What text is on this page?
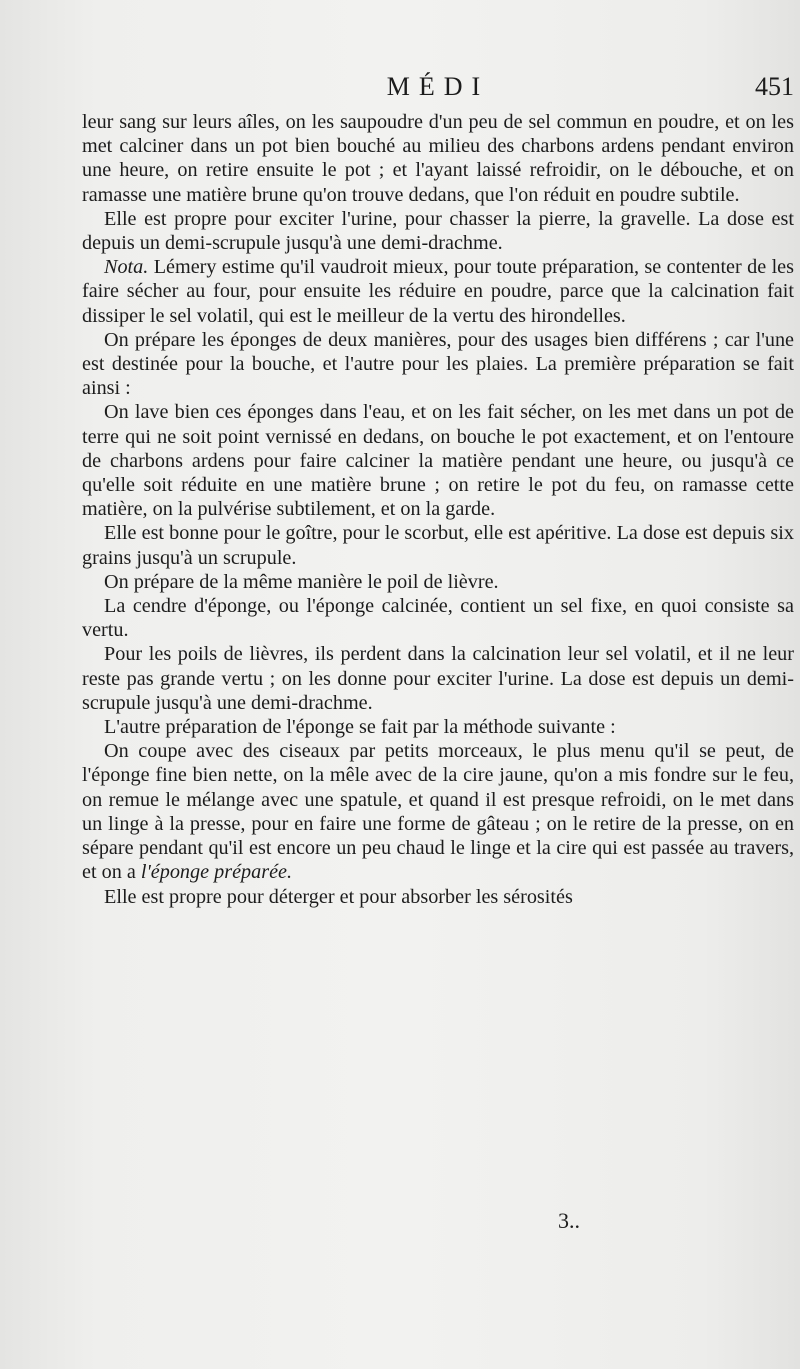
MÉDI	451

leur sang sur leurs aîles, on les saupoudre d'un peu de sel commun en poudre, et on les met calciner dans un pot bien bouché au milieu des charbons ardens pendant environ une heure, on retire ensuite le pot ; et l'ayant laissé refroidir, on le débouche, et on ramasse une matière brune qu'on trouve dedans, que l'on réduit en poudre subtile.

Elle est propre pour exciter l'urine, pour chasser la pierre, la gravelle. La dose est depuis un demi-scrupule jusqu'à une demi-drachme.

Nota. Lémery estime qu'il vaudroit mieux, pour toute préparation, se contenter de les faire sécher au four, pour ensuite les réduire en poudre, parce que la calcination fait dissiper le sel volatil, qui est le meilleur de la vertu des hirondelles.

On prépare les éponges de deux manières, pour des usages bien différens ; car l'une est destinée pour la bouche, et l'autre pour les plaies. La première préparation se fait ainsi :

On lave bien ces éponges dans l'eau, et on les fait sécher, on les met dans un pot de terre qui ne soit point vernissé en dedans, on bouche le pot exactement, et on l'entoure de charbons ardens pour faire calciner la matière pendant une heure, ou jusqu'à ce qu'elle soit réduite en une matière brune ; on retire le pot du feu, on ramasse cette matière, on la pulvérise subtilement, et on la garde.

Elle est bonne pour le goître, pour le scorbut, elle est apéritive. La dose est depuis six grains jusqu'à un scrupule.

On prépare de la même manière le poil de lièvre.

La cendre d'éponge, ou l'éponge calcinée, contient un sel fixe, en quoi consiste sa vertu.

Pour les poils de lièvres, ils perdent dans la calcination leur sel volatil, et il ne leur reste pas grande vertu ; on les donne pour exciter l'urine. La dose est depuis un demi-scrupule jusqu'à une demi-drachme.

L'autre préparation de l'éponge se fait par la méthode suivante :

On coupe avec des ciseaux par petits morceaux, le plus menu qu'il se peut, de l'éponge fine bien nette, on la mêle avec de la cire jaune, qu'on a mis fondre sur le feu, on remue le mélange avec une spatule, et quand il est presque refroidi, on le met dans un linge à la presse, pour en faire une forme de gâteau ; on le retire de la presse, on en sépare pendant qu'il est encore un peu chaud le linge et la cire qui est passée au travers, et on a l'éponge préparée.

Elle est propre pour déterger et pour absorber les sérosités

3..
